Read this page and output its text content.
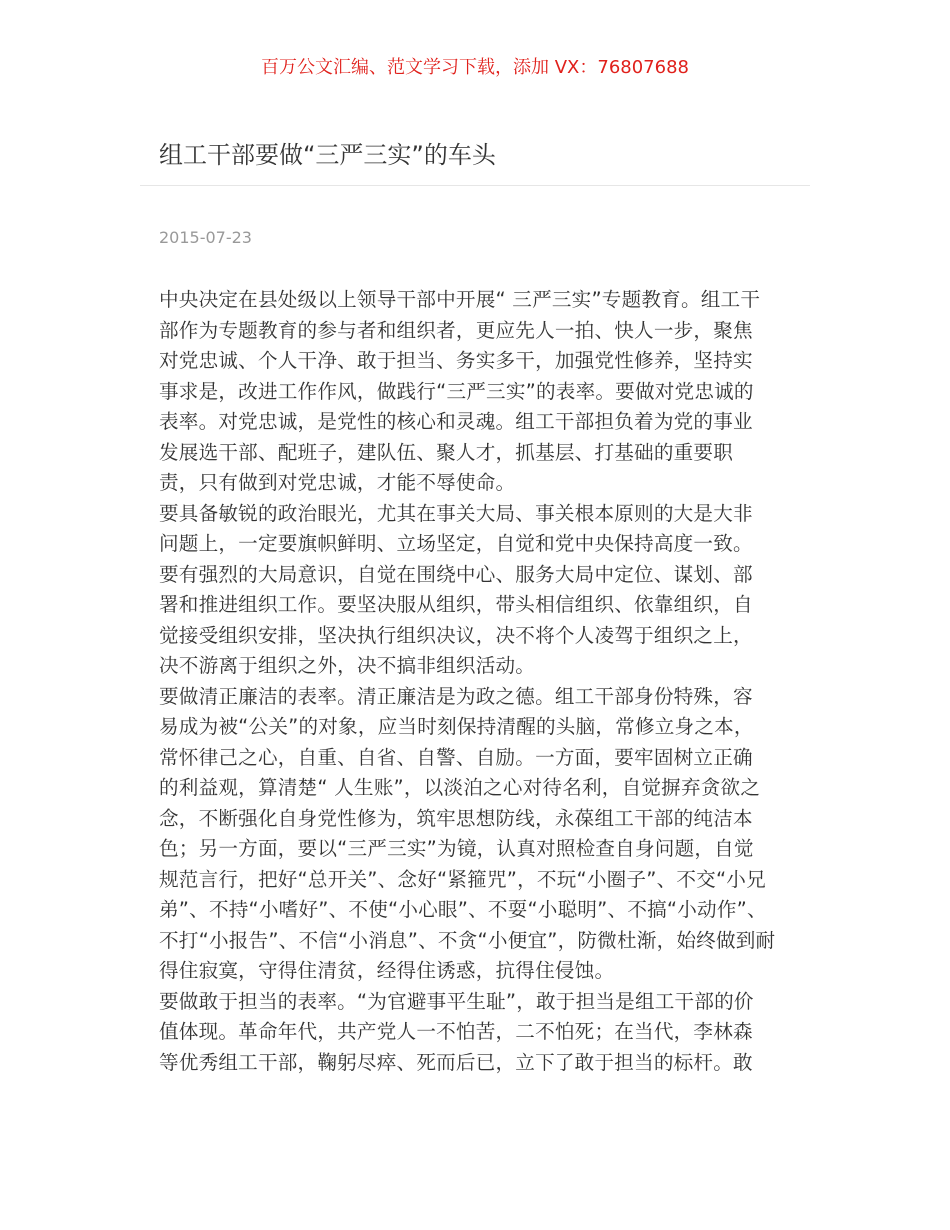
百万公文汇编、范文学习下载，添加 VX：76807688
组工干部要做“三严三实”的车头
2015-07-23
中央决定在县处级以上领导干部中开展“ 三严三实”专题教育。组工干
部作为专题教育的参与者和组织者，更应先人一拍、快人一步，聚焦
对党忠诚、个人干净、敢于担当、务实多干，加强党性修养，坚持实
事求是，改进工作作风，做践行“三严三实”的表率。要做对党忠诚的
表率。对党忠诚，是党性的核心和灵魂。组工干部担负着为党的事业
发展选干部、配班子，建队伍、聚人才，抓基层、打基础的重要职
责，只有做到对党忠诚，才能不辱使命。
要具备敏锐的政治眼光，尤其在事关大局、事关根本原则的大是大非
问题上，一定要旗帜鲜明、立场坚定，自觉和党中央保持高度一致。
要有强烈的大局意识，自觉在围绕中心、服务大局中定位、谋划、部
署和推进组织工作。要坚决服从组织，带头相信组织、依靠组织，自
觉接受组织安排，坚决执行组织决议，决不将个人凌驾于组织之上，
决不游离于组织之外，决不搞非组织活动。
要做清正廉洁的表率。清正廉洁是为政之德。组工干部身份特殊，容
易成为被“公关”的对象，应当时刻保持清醒的头脑，常修立身之本，
常怀律己之心，自重、自省、自警、自励。一方面，要牢固树立正确
的利益观，算清楚“ 人生账”，以淡泊之心对待名利，自觉摒弃贪欲之
念，不断强化自身党性修为，筑牢思想防线，永葆组工干部的纯洁本
色；另一方面，要以“三严三实”为镜，认真对照检查自身问题，自觉
规范言行，把好“总开关”、念好“紧箍咒”，不玩“小圈子”、不交“小兄
弟”、不持“小嗜好”、不使“小心眼”、不耍“小聪明”、不搞“小动作”、
不打“小报告”、不信“小消息”、不贪“小便宜”，防微杜渐，始终做到耐
得住寂寞，守得住清贫，经得住诱惑，抗得住侵蚀。
要做敢于担当的表率。“为官避事平生耻”，敢于担当是组工干部的价
值体现。革命年代，共产党人一不怕苦，二不怕死；在当代，李林森
等优秀组工干部，鞠躬尽瘁、死而后已，立下了敢于担当的标杆。敢
